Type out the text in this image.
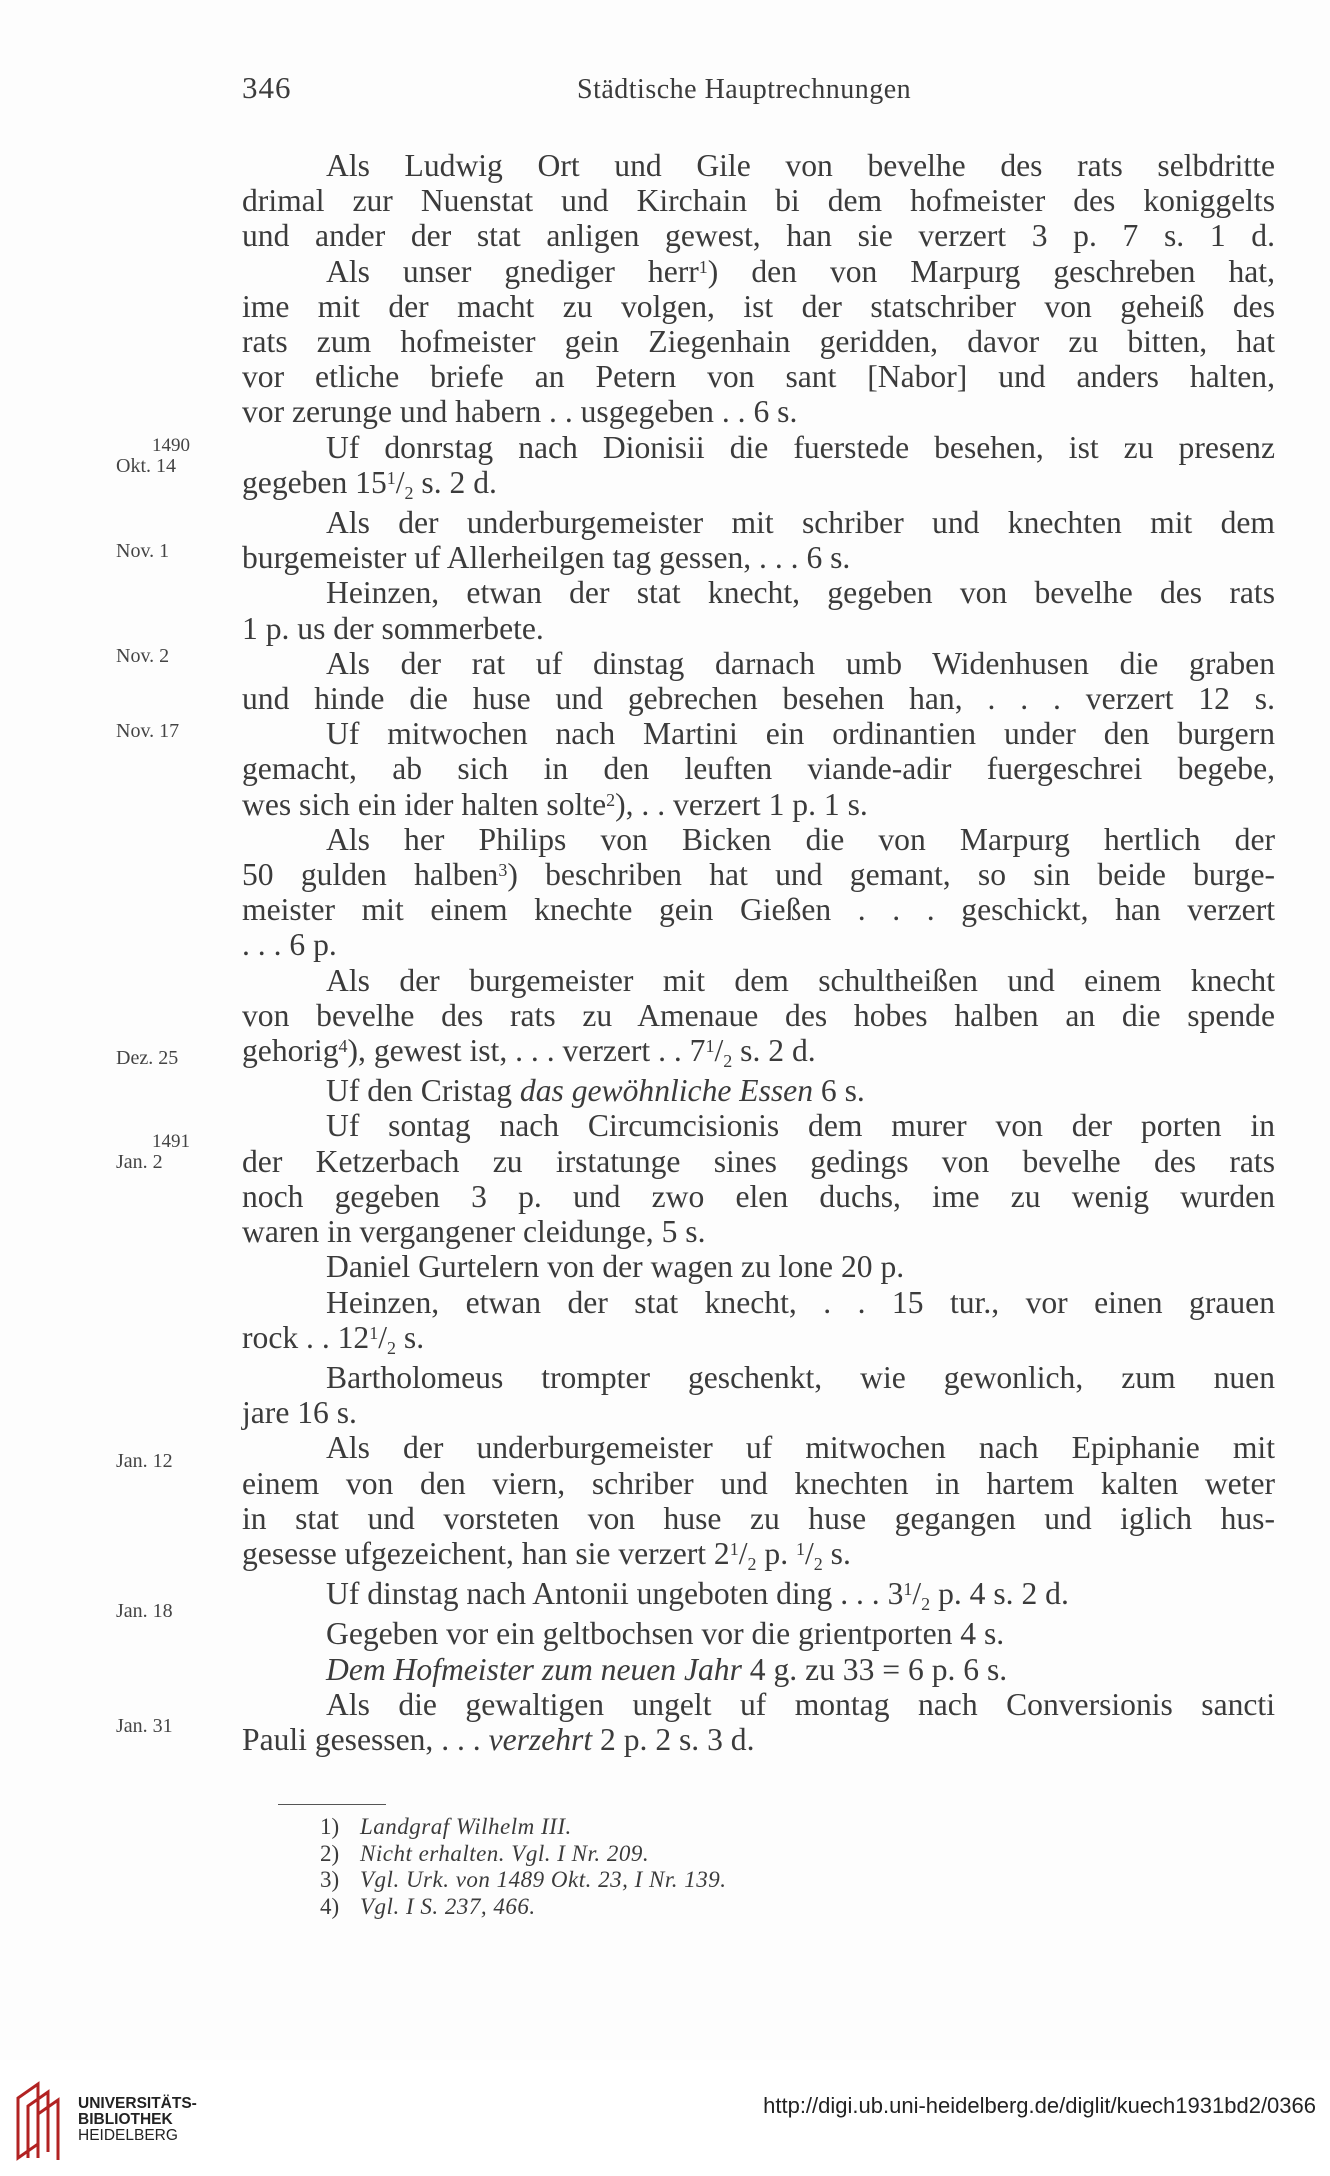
346	Städtische Hauptrechnungen
1490
Okt. 14
Nov. 1
Nov. 2
Nov. 17
Dez. 25
1491
Jan. 2
Jan. 12
Jan. 18
Jan. 31

Als Ludwig Ort und Gile von bevelhe des rats selbdritte
drimal zur Nuenstat und Kirchain bi dem hofmeister des koniggelts
und ander der stat anligen gewest, han sie verzert 3 p. 7 s. 1 d.

Als unser gnediger herr$^1$) den von Marpurg geschreben hat,
ime mit der macht zu volgen, ist der statschriber von geheiß des
rats zum hofmeister gein Ziegenhain geridden, davor zu bitten, hat
vor etliche briefe an Petern von sant [Nabor] und anders halten,
vor zerunge und habern . . usgegeben . . 6 s.

Uf donrstag nach Dionisii die fuerstede besehen, ist zu presenz
gegeben $15^1/2$ s. 2 d.

Als der underburgemeister mit schriber und knechten mit dem
burgemeister uf Allerheilgen tag gessen, . . . 6 s.

Heinzen, etwan der stat knecht, gegeben von bevelhe des rats
1 p. us der sommerbete.

Als der rat uf dinstag darnach umb Widenhusen die graben
und hinde die huse und gebrechen besehen han, . . . verzert 12 s.

Uf mitwochen nach Martini ein ordinantien under den burgern
gemacht, ab sich in den leuften viande-adir fuergeschrei begebe,
wes sich ein ider halten solte$^2$), . . verzert 1 p. 1 s.

Als her Philips von Bicken die von Marpurg hertlich der
50 gulden halben$^3$) beschriben hat und gemant, so sin beide burge-
meister mit einem knechte gein Gießen . . . geschickt, han verzert
. . . 6 p.

Als der burgemeister mit dem schultheißen und einem knecht
von bevelhe des rats zu Amenaue des hobes halben an die spende
gehorig$^4$), gewest ist, . . . verzert . . $7^1/2$ s. 2 d.

Uf den Cristag das gewöhnliche Essen 6 s.

Uf sontag nach Circumcisionis dem murer von der porten in
der Ketzerbach zu irstatunge sines gedings von bevelhe des rats
noch gegeben 3 p. und zwo elen duchs, ime zu wenig wurden
waren in vergangener cleidunge, 5 s.

Daniel Gurtelern von der wagen zu lone 20 p.

Heinzen, etwan der stat knecht, . . 15 tur., vor einen grauen
rock . . $12^1/2$ s.

Bartholomeus trompter geschenkt, wie gewonlich, zum nuen
jare 16 s.

Als der underburgemeister uf mitwochen nach Epiphanie mit
einem von den viern, schriber und knechten in hartem kalten weter
in stat und vorsteten von huse zu huse gegangen und iglich hus-
gesesse ufgezeichent, han sie verzert $2^1/2$ p. $^1$/2 s.

Uf dinstag nach Antonii ungeboten ding . . . $3^1/2$ p. 4 s. 2 d.

Gegeben vor ein geltbochsen vor die grientporten 4 s.

Dem Hofmeister zum neuen Jahr 4 g. zu 33 = 6 p. 6 s.

Als die gewaltigen ungelt uf montag nach Conversionis sancti
Pauli gesessen, . . . verzehrt 2 p. 2 s. 3 d.

1) Landgraf Wilhelm III.
2) Nicht erhalten. Vgl. I Nr. 209.
3) Vgl. Urk. von 1489 Okt. 23, I Nr. 139.
4) Vgl. I S. 237, 466.
UNIVERSITÄTS-
BIBLIOTHEK
HEIDELBERG
http://digi.ub.uni-heidelberg.de/diglit/kuech1931bd2/0366
